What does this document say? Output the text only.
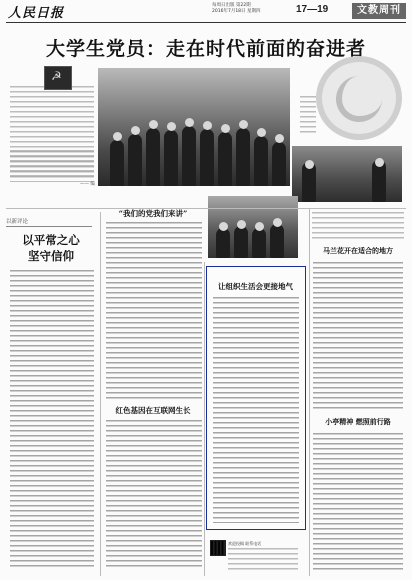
人民日报
每周日出版 第22期
2016年7月18日 星期四	17—19	文教周刊
大学生党员：走在时代前面的奋进者
—— 编
☭
以新评论
以平常之心
坚守信仰
“我们的党我们来讲”
红色基因在互联网生长
让组织生活会更接地气
欢迎投稿 联系电话
马兰花开在适合的地方
小亭精神 燃照前行路
